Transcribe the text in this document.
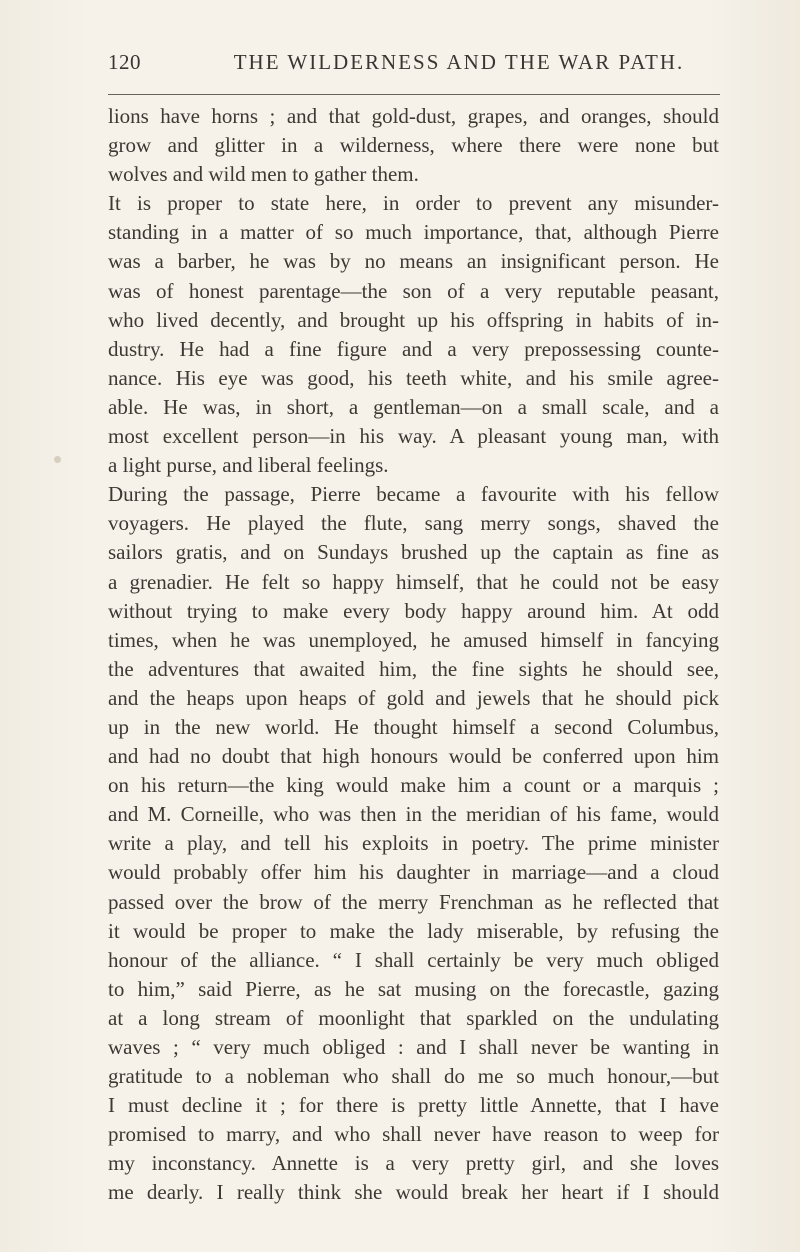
120	THE WILDERNESS AND THE WAR PATH.
lions have horns ; and that gold-dust, grapes, and oranges, should
grow and glitter in a wilderness, where there were none but
wolves and wild men to gather them.
It is proper to state here, in order to prevent any misunder-
standing in a matter of so much importance, that, although Pierre
was a barber, he was by no means an insignificant person. He
was of honest parentage—the son of a very reputable peasant,
who lived decently, and brought up his offspring in habits of in-
dustry. He had a fine figure and a very prepossessing counte-
nance. His eye was good, his teeth white, and his smile agree-
able. He was, in short, a gentleman—on a small scale, and a
most excellent person—in his way. A pleasant young man, with
a light purse, and liberal feelings.
During the passage, Pierre became a favourite with his fellow
voyagers. He played the flute, sang merry songs, shaved the
sailors gratis, and on Sundays brushed up the captain as fine as
a grenadier. He felt so happy himself, that he could not be easy
without trying to make every body happy around him. At odd
times, when he was unemployed, he amused himself in fancying
the adventures that awaited him, the fine sights he should see,
and the heaps upon heaps of gold and jewels that he should pick
up in the new world. He thought himself a second Columbus,
and had no doubt that high honours would be conferred upon him
on his return—the king would make him a count or a marquis ;
and M. Corneille, who was then in the meridian of his fame, would
write a play, and tell his exploits in poetry. The prime minister
would probably offer him his daughter in marriage—and a cloud
passed over the brow of the merry Frenchman as he reflected that
it would be proper to make the lady miserable, by refusing the
honour of the alliance. “ I shall certainly be very much obliged
to him,” said Pierre, as he sat musing on the forecastle, gazing
at a long stream of moonlight that sparkled on the undulating
waves ; “ very much obliged : and I shall never be wanting in
gratitude to a nobleman who shall do me so much honour,—but
I must decline it ; for there is pretty little Annette, that I have
promised to marry, and who shall never have reason to weep for
my inconstancy. Annette is a very pretty girl, and she loves
me dearly. I really think she would break her heart if I should
